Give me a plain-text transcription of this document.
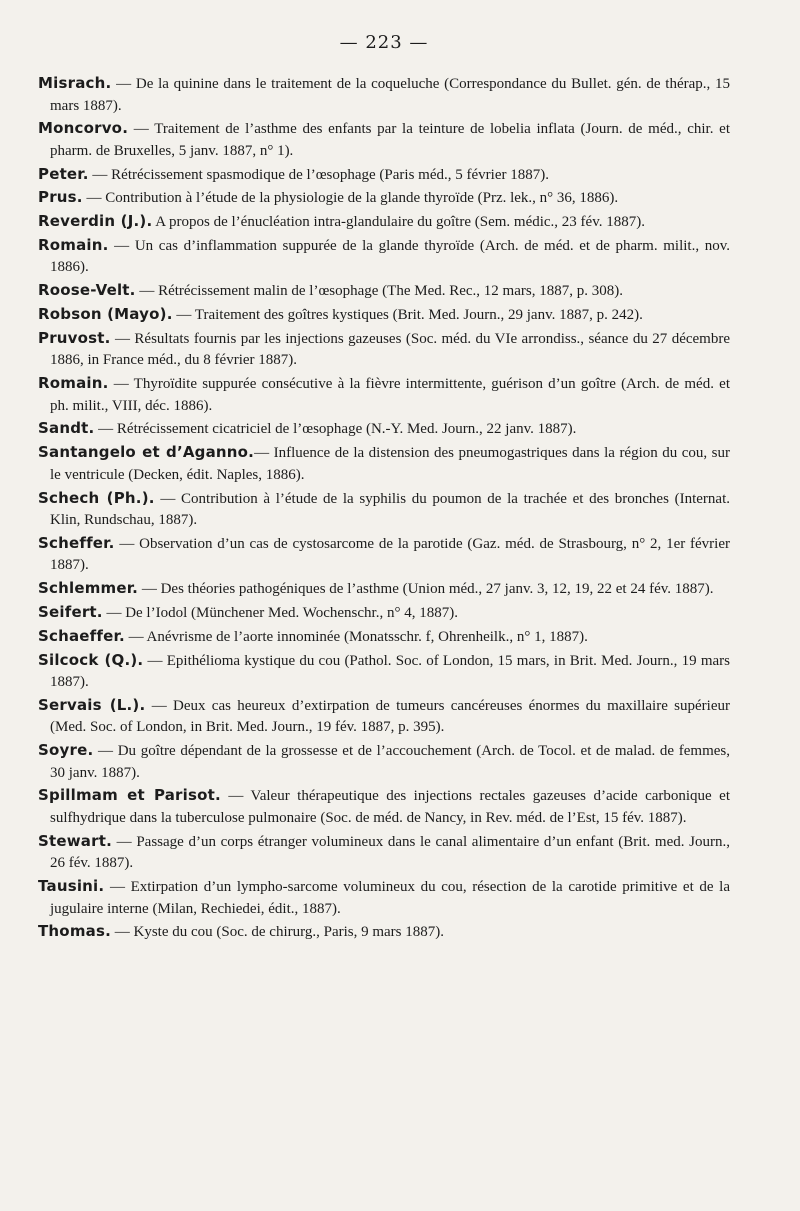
— 223 —

Misrach. — De la quinine dans le traitement de la coqueluche (Correspondance du Bullet. gén. de thérap., 15 mars 1887).

Moncorvo. — Traitement de l’asthme des enfants par la teinture de lobelia inflata (Journ. de méd., chir. et pharm. de Bruxelles, 5 janv. 1887, n° 1).

Peter. — Rétrécissement spasmodique de l’œsophage (Paris méd., 5 février 1887).

Prus. — Contribution à l’étude de la physiologie de la glande thyroïde (Prz. lek., n° 36, 1886).

Reverdin (J.). A propos de l’énucléation intra-glandulaire du goître (Sem. médic., 23 fév. 1887).

Romain. — Un cas d’inflammation suppurée de la glande thyroïde (Arch. de méd. et de pharm. milit., nov. 1886).

Roose-Velt. — Rétrécissement malin de l’œsophage (The Med. Rec., 12 mars, 1887, p. 308).

Robson (Mayo). — Traitement des goîtres kystiques (Brit. Med. Journ., 29 janv. 1887, p. 242).

Pruvost. — Résultats fournis par les injections gazeuses (Soc. méd. du VIe arrondiss., séance du 27 décembre 1886, in France méd., du 8 février 1887).

Romain. — Thyroïdite suppurée consécutive à la fièvre intermittente, guérison d’un goître (Arch. de méd. et ph. milit., VIII, déc. 1886).

Sandt. — Rétrécissement cicatriciel de l’œsophage (N.-Y. Med. Journ., 22 janv. 1887).

Santangelo et d’Aganno.— Influence de la distension des pneumogastriques dans la région du cou, sur le ventricule (Decken, édit. Naples, 1886).

Schech (Ph.). — Contribution à l’étude de la syphilis du poumon de la trachée et des bronches (Internat. Klin, Rundschau, 1887).

Scheffer. — Observation d’un cas de cystosarcome de la parotide (Gaz. méd. de Strasbourg, n° 2, 1er février 1887).

Schlemmer. — Des théories pathogéniques de l’asthme (Union méd., 27 janv. 3, 12, 19, 22 et 24 fév. 1887).

Seifert. — De l’Iodol (Münchener Med. Wochenschr., n° 4, 1887).

Schaeffer. — Anévrisme de l’aorte innominée (Monatsschr. f, Ohrenheilk., n° 1, 1887).

Silcock (Q.). — Epithélioma kystique du cou (Pathol. Soc. of London, 15 mars, in Brit. Med. Journ., 19 mars 1887).

Servais (L.). — Deux cas heureux d’extirpation de tumeurs cancéreuses énormes du maxillaire supérieur (Med. Soc. of London, in Brit. Med. Journ., 19 fév. 1887, p. 395).

Soyre. — Du goître dépendant de la grossesse et de l’accouchement (Arch. de Tocol. et de malad. de femmes, 30 janv. 1887).

Spillmam et Parisot. — Valeur thérapeutique des injections rectales gazeuses d’acide carbonique et sulfhydrique dans la tuberculose pulmonaire (Soc. de méd. de Nancy, in Rev. méd. de l’Est, 15 fév. 1887).

Stewart. — Passage d’un corps étranger volumineux dans le canal alimentaire d’un enfant (Brit. med. Journ., 26 fév. 1887).

Tausini. — Extirpation d’un lympho-sarcome volumineux du cou, résection de la carotide primitive et de la jugulaire interne (Milan, Rechiedei, édit., 1887).

Thomas. — Kyste du cou (Soc. de chirurg., Paris, 9 mars 1887).
